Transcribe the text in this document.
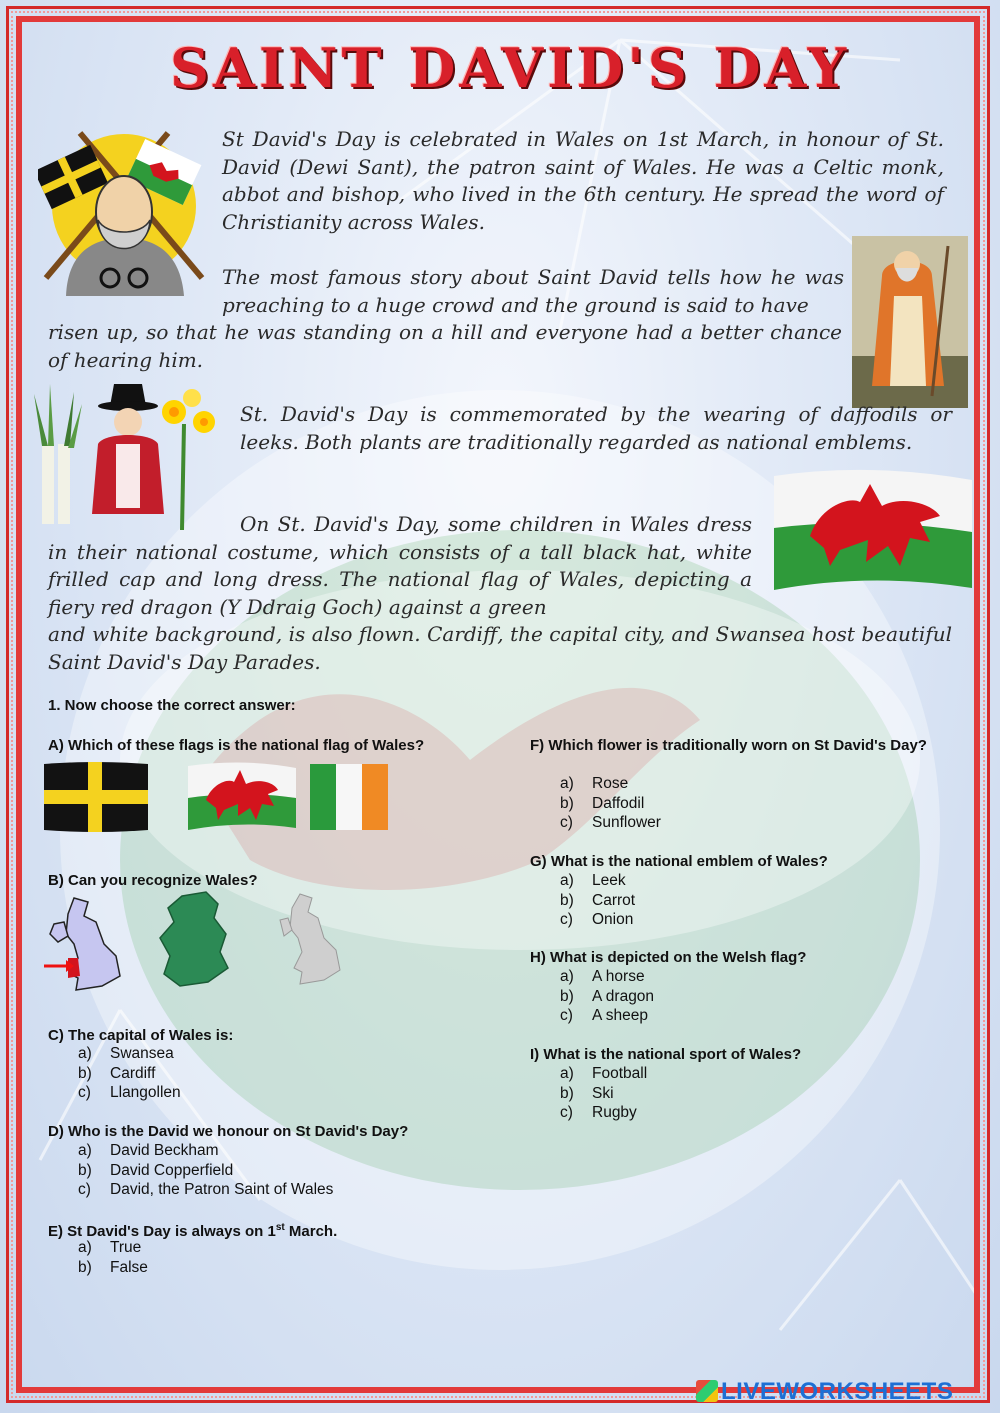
SAINT DAVID'S DAY

St David's Day is celebrated in Wales on 1st March, in honour of St. David (Dewi Sant), the patron saint of Wales. He was a Celtic monk, abbot and bishop, who lived in the 6th century. He spread the word of Christianity across Wales.

The most famous story about Saint David tells how he was preaching to a huge crowd and the ground is said to have

risen up, so that he was standing on a hill and everyone had a better chance of hearing him.

St. David's Day is commemorated by the wearing of daffodils or leeks. Both plants are traditionally regarded as national emblems.

On St. David's Day, some children in Wales dress in their national costume, which consists of a tall black hat, white frilled cap and long dress. The national flag of Wales, depicting a fiery red dragon (Y Ddraig Goch) against a green

and white background, is also flown. Cardiff, the capital city, and Swansea host beautiful Saint David's Day Parades.

1. Now choose the correct answer:
A) Which of these flags is the national flag of Wales?
B) Can you recognize Wales?
C) The capital of Wales is:
a)	Swansea
b)	Cardiff
c)	Llangollen
D) Who is the David we honour on St David's Day?
a)	David Beckham
b)	David Copperfield
c)	David, the Patron Saint of Wales
E) St David's Day is always on 1st March.
a)	True
b)	False
F) Which flower is traditionally worn on St David's Day?
a)	Rose
b)	Daffodil
c)	Sunflower
G) What is the national emblem of Wales?
a)	Leek
b)	Carrot
c)	Onion
H) What is depicted on the Welsh flag?
a)	A horse
b)	A dragon
c)	A sheep
I) What is the national sport of Wales?
a)	Football
b)	Ski
c)	Rugby
LIVEWORKSHEETS
